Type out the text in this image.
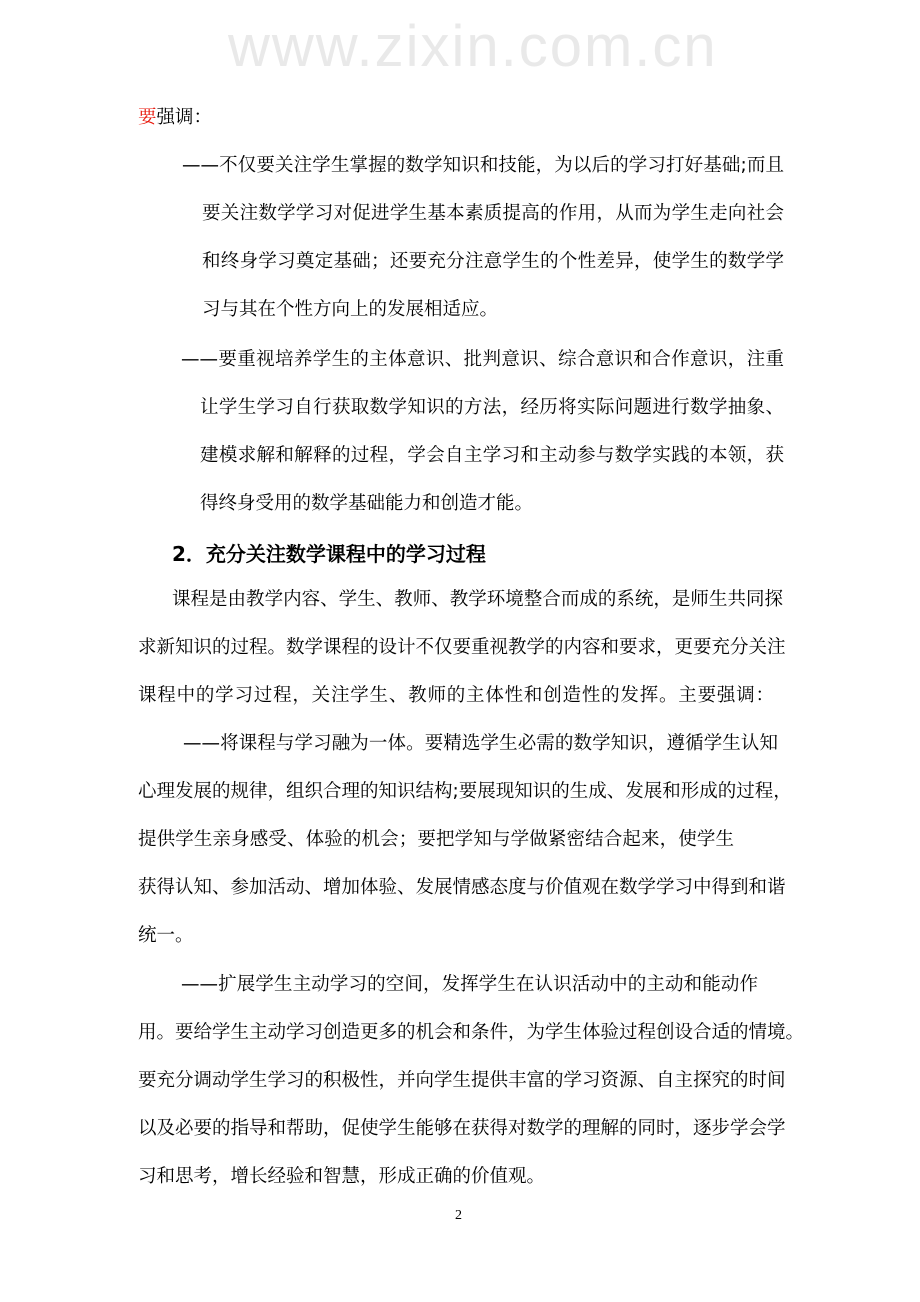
www.zixin.com.cn
要强调：
——不仅要关注学生掌握的数学知识和技能，为以后的学习打好基础;而且
要关注数学学习对促进学生基本素质提高的作用，从而为学生走向社会
和终身学习奠定基础；还要充分注意学生的个性差异，使学生的数学学
习与其在个性方向上的发展相适应。
——要重视培养学生的主体意识、批判意识、综合意识和合作意识，注重
让学生学习自行获取数学知识的方法，经历将实际问题进行数学抽象、
建模求解和解释的过程，学会自主学习和主动参与数学实践的本领，获
得终身受用的数学基础能力和创造才能。
2．充分关注数学课程中的学习过程
课程是由教学内容、学生、教师、教学环境整合而成的系统，是师生共同探
求新知识的过程。数学课程的设计不仅要重视教学的内容和要求，更要充分关注
课程中的学习过程，关注学生、教师的主体性和创造性的发挥。主要强调：
——将课程与学习融为一体。要精选学生必需的数学知识，遵循学生认知
心理发展的规律，组织合理的知识结构;要展现知识的生成、发展和形成的过程，
提供学生亲身感受、体验的机会；要把学知与学做紧密结合起来，使学生
获得认知、参加活动、增加体验、发展情感态度与价值观在数学学习中得到和谐
统一。
——扩展学生主动学习的空间，发挥学生在认识活动中的主动和能动作
用。要给学生主动学习创造更多的机会和条件，为学生体验过程创设合适的情境。
要充分调动学生学习的积极性，并向学生提供丰富的学习资源、自主探究的时间
以及必要的指导和帮助，促使学生能够在获得对数学的理解的同时，逐步学会学
习和思考，增长经验和智慧，形成正确的价值观。
2
